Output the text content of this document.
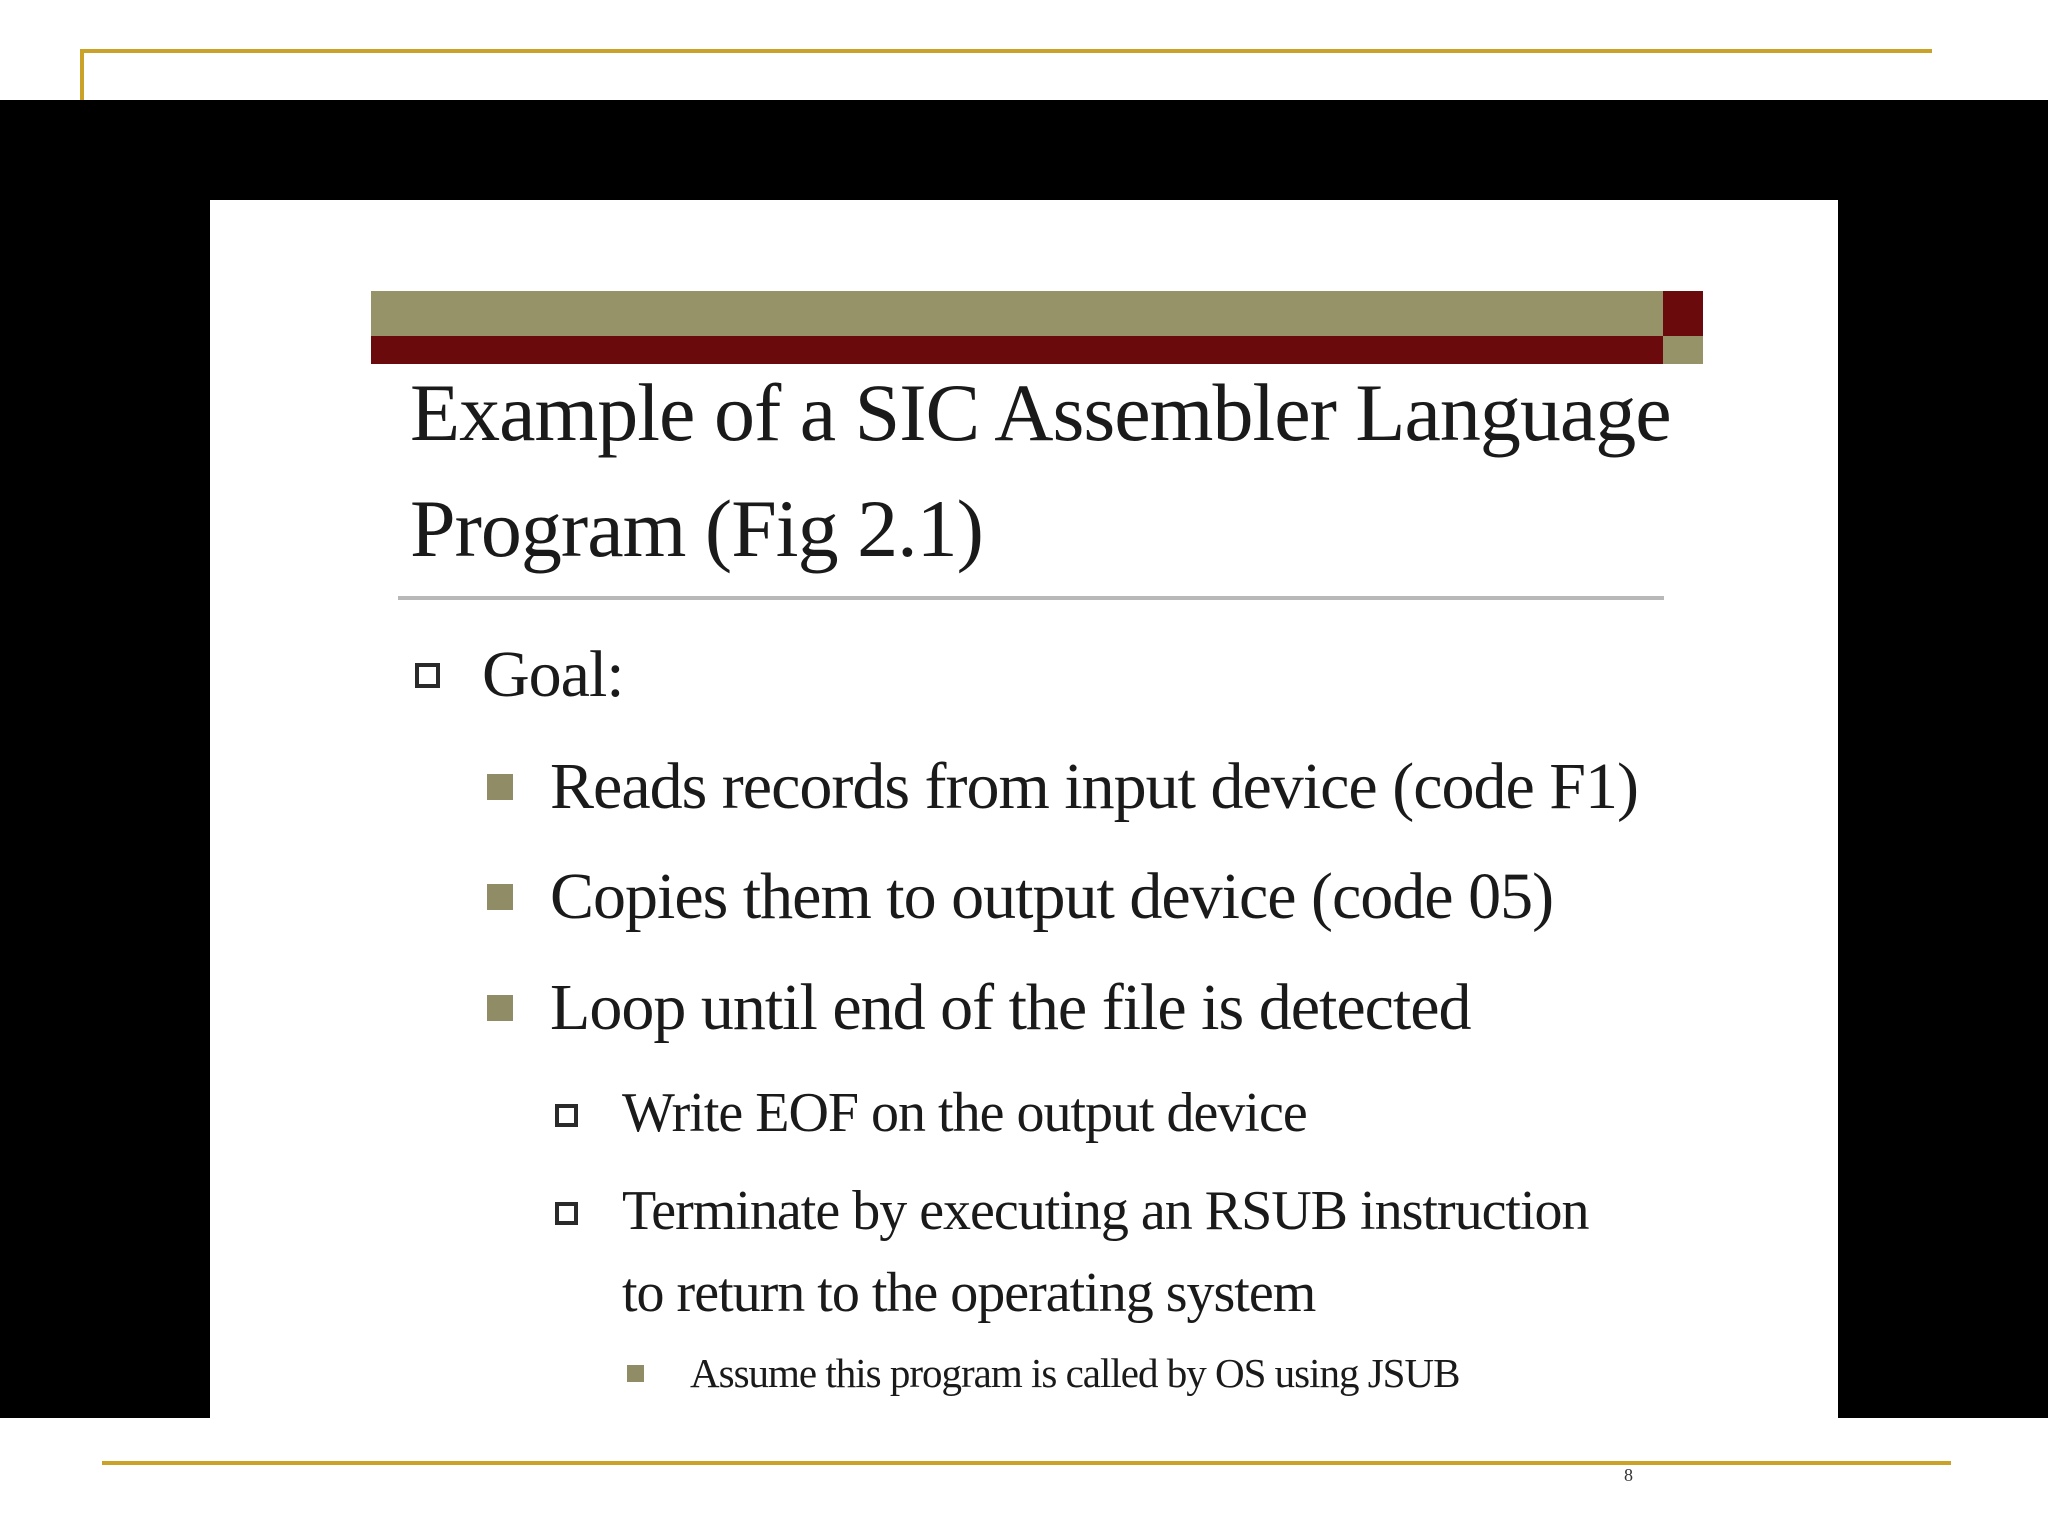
Example of a SIC Assembler Language
Program (Fig 2.1)
Goal:
Reads records from input device (code F1)
Copies them to output device (code 05)
Loop until end of the file is detected
Write EOF on the output device
Terminate by executing an RSUB instruction
to return to the operating system
Assume this program is called by OS using JSUB
8
